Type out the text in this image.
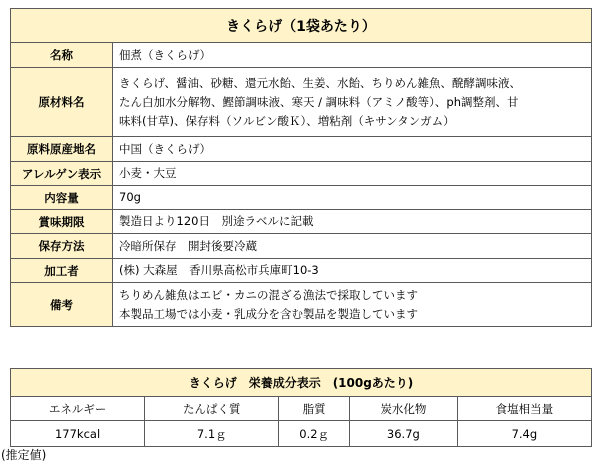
きくらげ（1袋あたり）	
名称	佃煮（きくらげ）

原材料名	きくらげ、醤油、砂糖、還元水飴、生姜、水飴、ちりめん雑魚、醗酵調味液、
たん白加水分解物、鰹節調味液、寒天 / 調味料（アミノ酸等）、ph調整剤、甘
味料(甘草)、保存料（ソルビン酸Ｋ）、増粘剤（キサンタンガム）

原料原産地名	中国（きくらげ）

アレルゲン表示	小麦・大豆

内容量	70g

賞味期限	製造日より120日　別途ラベルに記載

保存方法	冷暗所保存　開封後要冷蔵

加工者	(株) 大森屋　香川県高松市兵庫町10-3

備考	ちりめん雑魚はエビ・カニの混ざる漁法で採取しています
本製品工場では小麦・乳成分を含む製品を製造しています
きくらげ　栄養成分表示　(100gあたり)				
エネルギー	たんぱく質	脂質	炭水化物	食塩相当量
177kcal	7.1ｇ	0.2ｇ	36.7g	7.4g
(推定値)
